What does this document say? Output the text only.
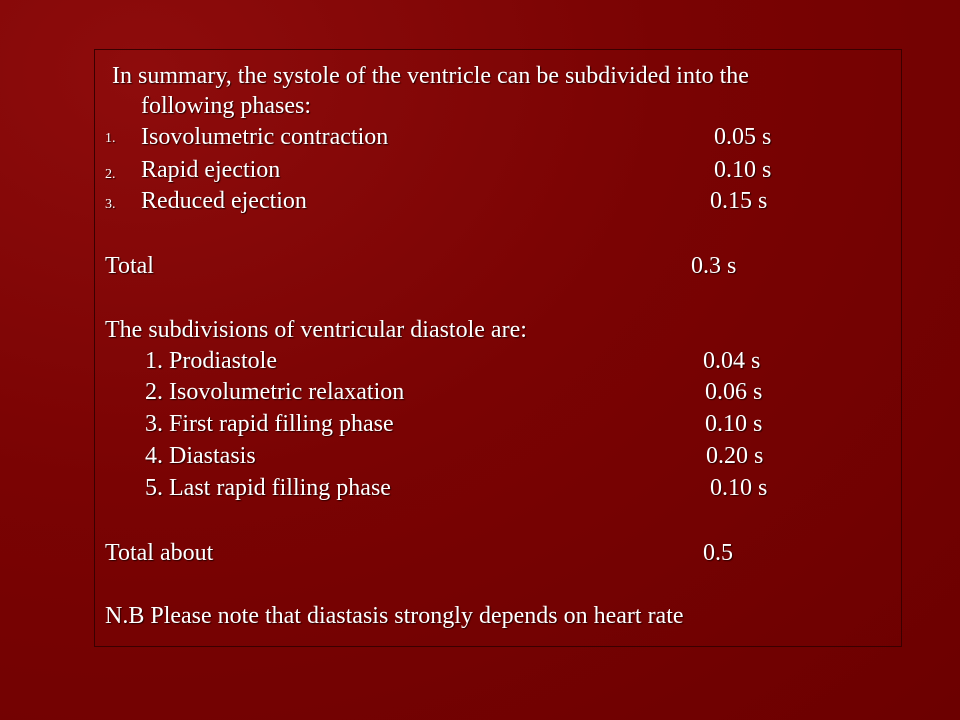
In summary, the systole of the ventricle can be subdivided into the
following phases:
1. Isovolumetric contraction	0.05 s
2. Rapid ejection	0.10 s
3. Reduced ejection	0.15 s
Total	0.3 s
The subdivisions of ventricular diastole are:
1. Prodiastole	0.04 s
2. Isovolumetric relaxation	0.06 s
3. First rapid filling phase	0.10 s
4. Diastasis	0.20 s
5. Last rapid filling phase	0.10 s
Total about	0.5
N.B Please note that diastasis strongly depends on heart rate
